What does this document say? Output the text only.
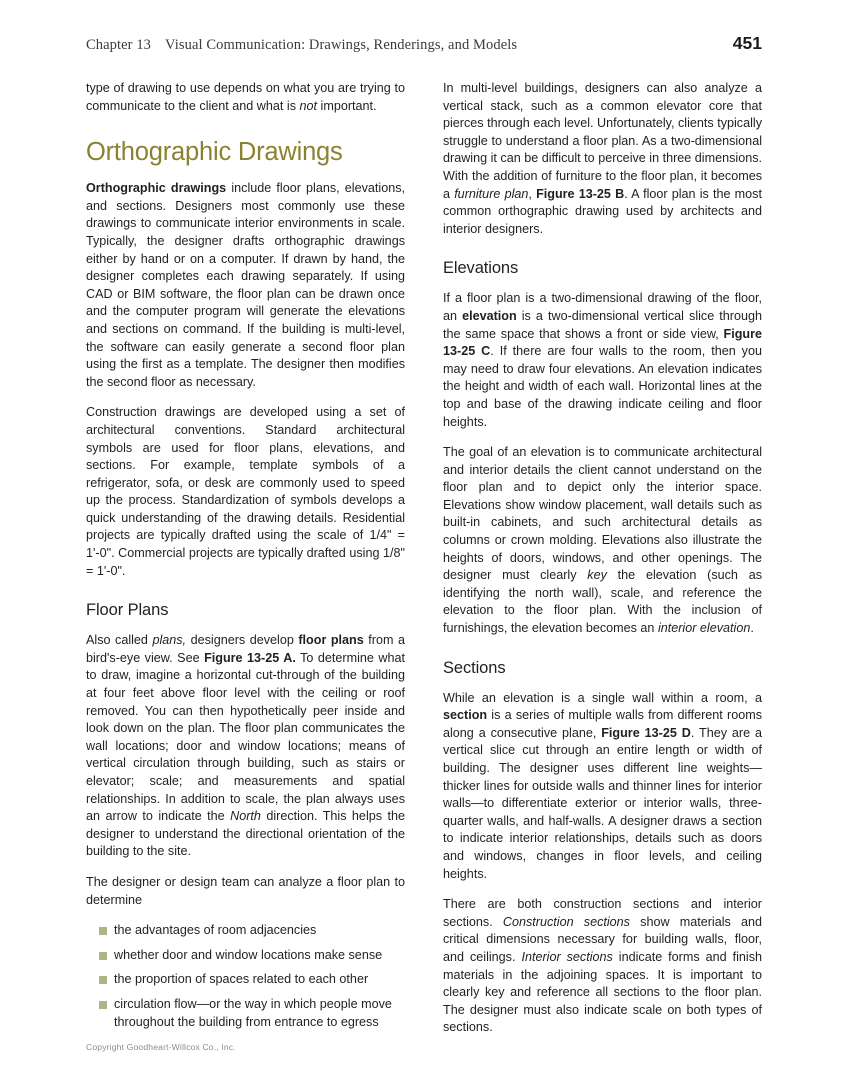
Chapter 13 Visual Communication: Drawings, Renderings, and Models	451

type of drawing to use depends on what you are trying to communicate to the client and what is not important.

Orthographic Drawings

Orthographic drawings include floor plans, elevations, and sections. Designers most commonly use these drawings to communicate interior environments in scale. Typically, the designer drafts orthographic drawings either by hand or on a computer. If drawn by hand, the designer completes each drawing separately. If using CAD or BIM software, the floor plan can be drawn once and the computer program will generate the elevations and sections on command. If the building is multi-level, the software can easily generate a second floor plan using the first as a template. The designer then modifies the second floor as necessary.

Construction drawings are developed using a set of architectural conventions. Standard architectural symbols are used for floor plans, elevations, and sections. For example, template symbols of a refrigerator, sofa, or desk are commonly used to speed up the process. Standardization of symbols develops a quick understanding of the drawing details. Residential projects are typically drafted using the scale of 1/4" = 1'-0". Commercial projects are typically drafted using 1/8" = 1'-0".

Floor Plans

Also called plans, designers develop floor plans from a bird's-eye view. See Figure 13-25 A. To determine what to draw, imagine a horizontal cut-through of the building at four feet above floor level with the ceiling or roof removed. You can then hypothetically peer inside and look down on the plan. The floor plan communicates the wall locations; door and window locations; means of vertical circulation through building, such as stairs or elevator; scale; and measurements and spatial relationships. In addition to scale, the plan always uses an arrow to indicate the North direction. This helps the designer to understand the directional orientation of the building to the site.

The designer or design team can analyze a floor plan to determine

the advantages of room adjacencies
whether door and window locations make sense
the proportion of spaces related to each other
circulation flow—or the way in which people move throughout the building from entrance to egress

In multi-level buildings, designers can also analyze a vertical stack, such as a common elevator core that pierces through each level. Unfortunately, clients typically struggle to understand a floor plan. As a two-dimensional drawing it can be difficult to perceive in three dimensions. With the addition of furniture to the floor plan, it becomes a furniture plan, Figure 13-25 B. A floor plan is the most common orthographic drawing used by architects and interior designers.

Elevations

If a floor plan is a two-dimensional drawing of the floor, an elevation is a two-dimensional vertical slice through the same space that shows a front or side view, Figure 13-25 C. If there are four walls to the room, then you may need to draw four elevations. An elevation indicates the height and width of each wall. Horizontal lines at the top and base of the drawing indicate ceiling and floor heights.

The goal of an elevation is to communicate architectural and interior details the client cannot understand on the floor plan and to depict only the interior space. Elevations show window placement, wall details such as built-in cabinets, and such architectural details as columns or crown molding. Elevations also illustrate the heights of doors, windows, and other openings. The designer must clearly key the elevation (such as identifying the north wall), scale, and reference the elevation to the floor plan. With the inclusion of furnishings, the elevation becomes an interior elevation.

Sections

While an elevation is a single wall within a room, a section is a series of multiple walls from different rooms along a consecutive plane, Figure 13-25 D. They are a vertical slice cut through an entire length or width of building. The designer uses different line weights—thicker lines for outside walls and thinner lines for interior walls—to differentiate exterior or interior walls, three-quarter walls, and half-walls. A designer draws a section to indicate interior relationships, details such as doors and windows, changes in floor levels, and ceiling heights.

There are both construction sections and interior sections. Construction sections show materials and critical dimensions necessary for building walls, floor, and ceilings. Interior sections indicate forms and finish materials in the adjoining spaces. It is important to clearly key and reference all sections to the floor plan. The designer must also indicate scale on both types of sections.

Copyright Goodheart-Willcox Co., Inc.
